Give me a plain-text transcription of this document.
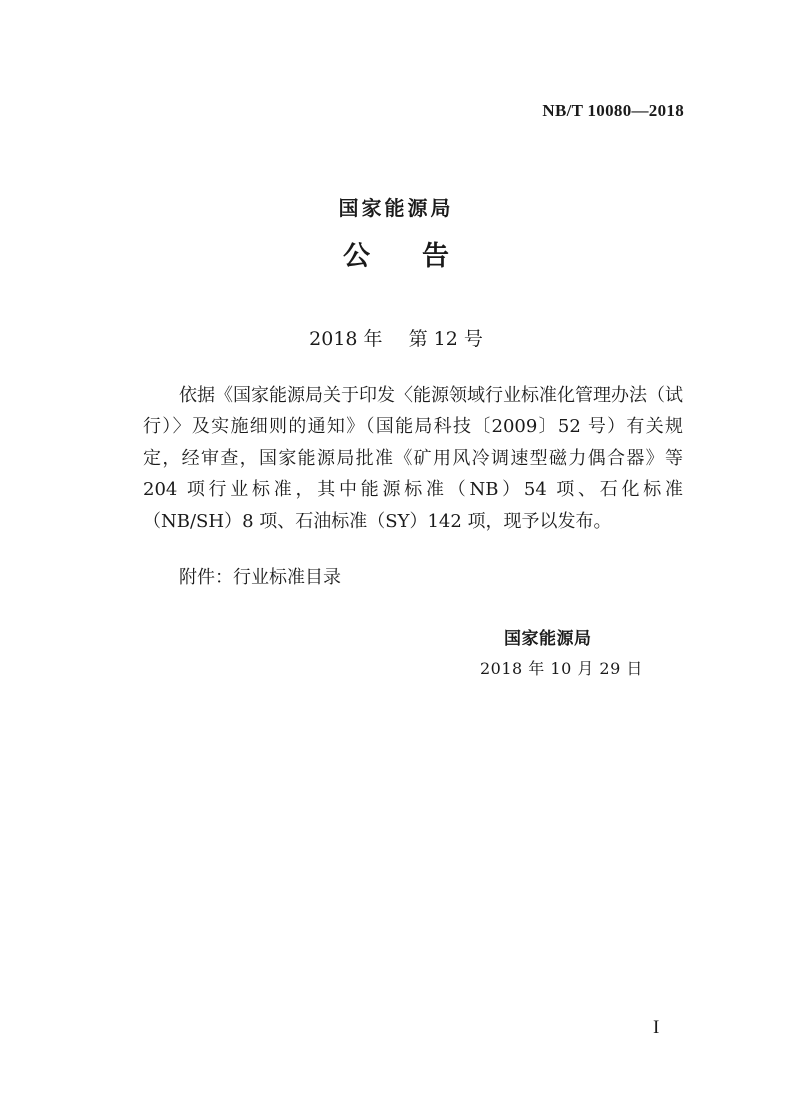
NB/T 10080—2018
国家能源局
公 告
2018 年 第 12 号

依据《国家能源局关于印发〈能源领域行业标准化管理办法（试行）〉及实施细则的通知》（国能局科技〔2009〕52 号）有关规定，经审查，国家能源局批准《矿用风冷调速型磁力偶合器》等 204 项行业标准，其中能源标准（NB）54 项、石化标准（NB/SH）8 项、石油标准（SY）142 项，现予以发布。

附件：行业标准目录
国家能源局
2018 年 10 月 29 日
I
